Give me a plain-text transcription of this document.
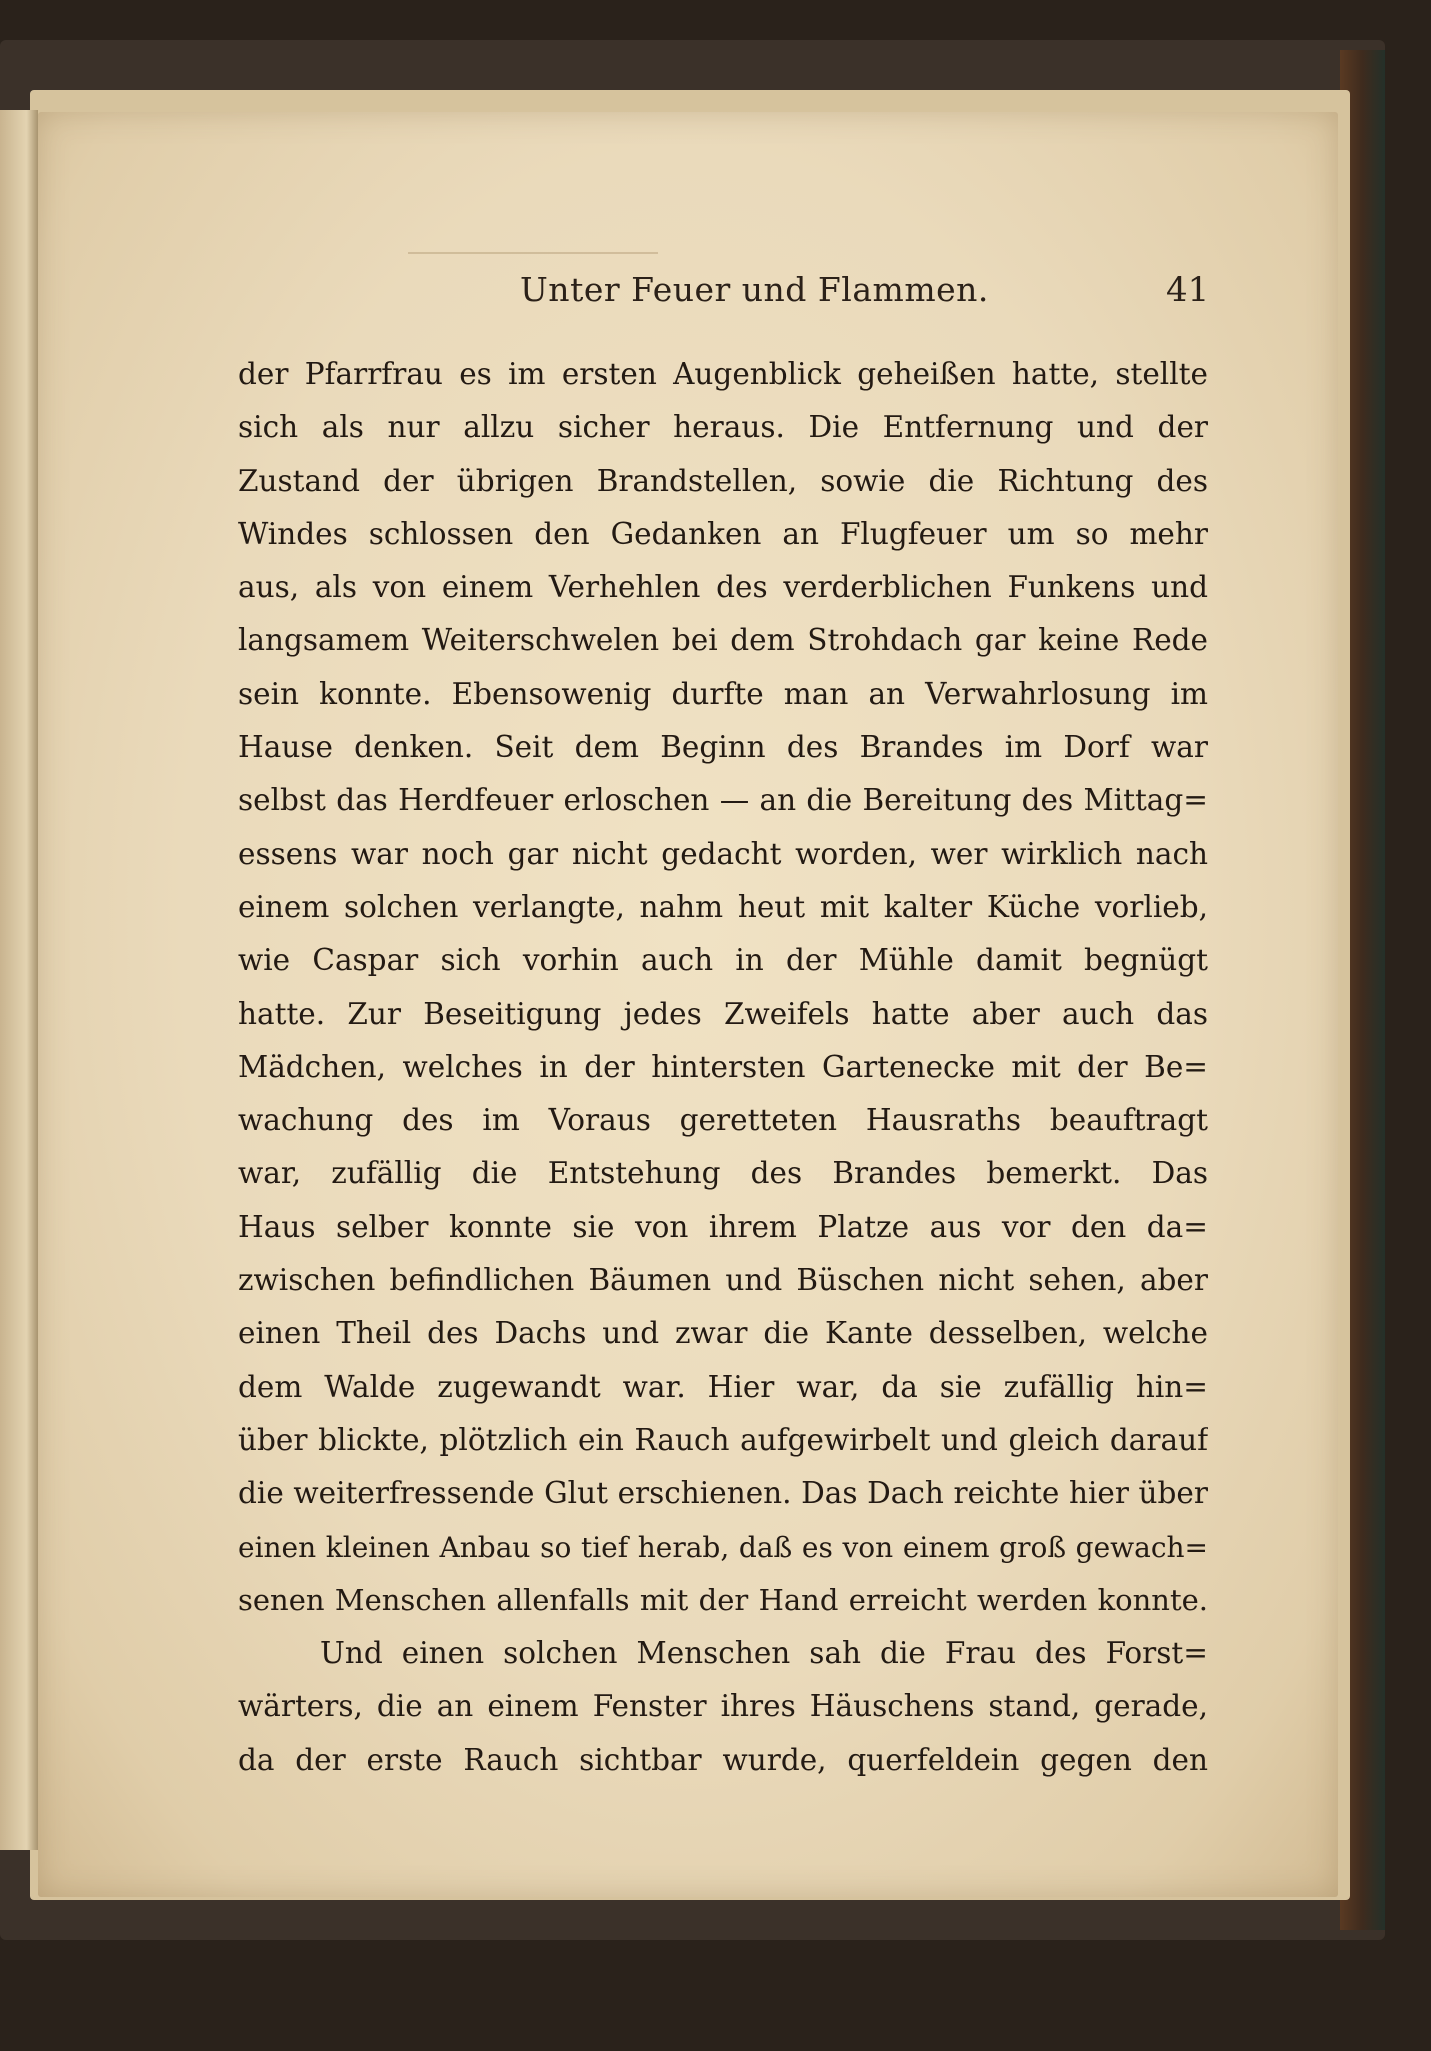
Unter Feuer und Flammen.	41
der Pfarrfrau es im ersten Augenblick geheißen hatte, stellte
sich als nur allzu sicher heraus. Die Entfernung und der
Zustand der übrigen Brandstellen, sowie die Richtung des
Windes schlossen den Gedanken an Flugfeuer um so mehr
aus, als von einem Verhehlen des verderblichen Funkens und
langsamem Weiterschwelen bei dem Strohdach gar keine Rede
sein konnte. Ebensowenig durfte man an Verwahrlosung im
Hause denken. Seit dem Beginn des Brandes im Dorf war
selbst das Herdfeuer erloschen — an die Bereitung des Mittag=
essens war noch gar nicht gedacht worden, wer wirklich nach
einem solchen verlangte, nahm heut mit kalter Küche vorlieb,
wie Caspar sich vorhin auch in der Mühle damit begnügt
hatte. Zur Beseitigung jedes Zweifels hatte aber auch das
Mädchen, welches in der hintersten Gartenecke mit der Be=
wachung des im Voraus geretteten Hausraths beauftragt
war, zufällig die Entstehung des Brandes bemerkt. Das
Haus selber konnte sie von ihrem Platze aus vor den da=
zwischen befindlichen Bäumen und Büschen nicht sehen, aber
einen Theil des Dachs und zwar die Kante desselben, welche
dem Walde zugewandt war. Hier war, da sie zufällig hin=
über blickte, plötzlich ein Rauch aufgewirbelt und gleich darauf
die weiterfressende Glut erschienen. Das Dach reichte hier über
einen kleinen Anbau so tief herab, daß es von einem groß gewach=
senen Menschen allenfalls mit der Hand erreicht werden konnte.
Und einen solchen Menschen sah die Frau des Forst=
wärters, die an einem Fenster ihres Häuschens stand, gerade,
da der erste Rauch sichtbar wurde, querfeldein gegen den
